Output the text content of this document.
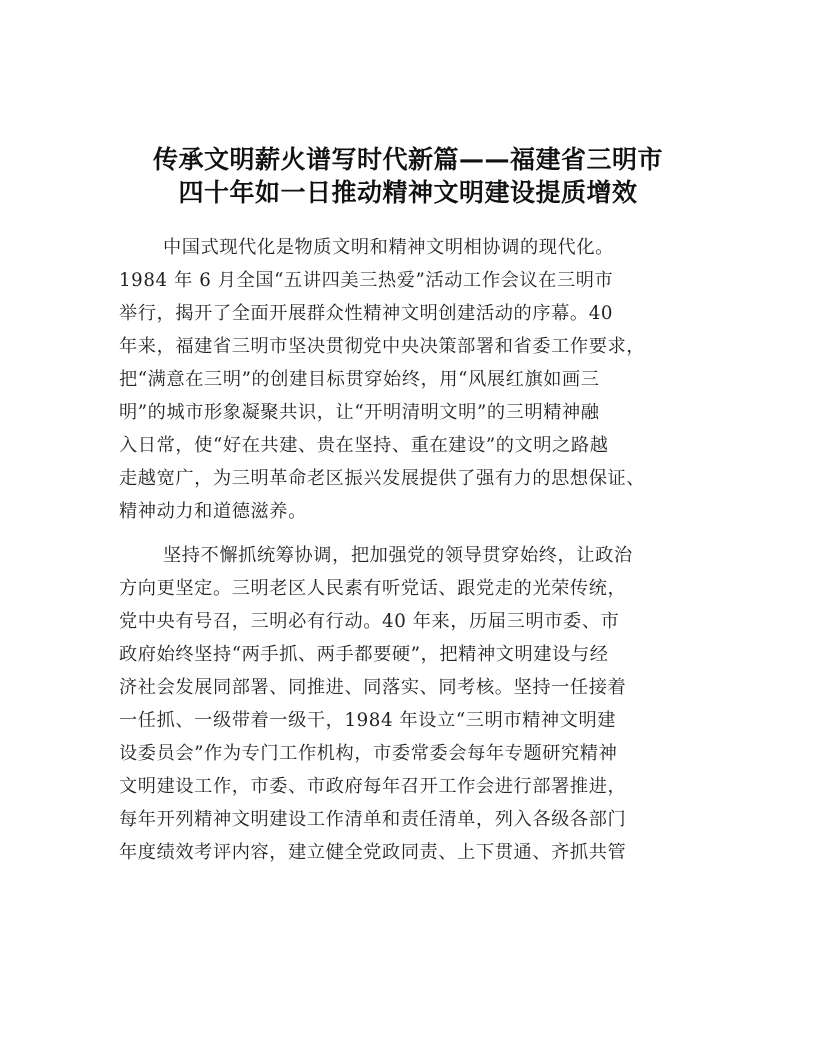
传承文明薪火谱写时代新篇——福建省三明市
四十年如一日推动精神文明建设提质增效

中国式现代化是物质文明和精神文明相协调的现代化。
1984 年 6 月全国“五讲四美三热爱”活动工作会议在三明市
举行，揭开了全面开展群众性精神文明创建活动的序幕。40
年来，福建省三明市坚决贯彻党中央决策部署和省委工作要求，
把“满意在三明”的创建目标贯穿始终，用“风展红旗如画三
明”的城市形象凝聚共识，让“开明清明文明”的三明精神融
入日常，使“好在共建、贵在坚持、重在建设”的文明之路越
走越宽广，为三明革命老区振兴发展提供了强有力的思想保证、
精神动力和道德滋养。

坚持不懈抓统筹协调，把加强党的领导贯穿始终，让政治
方向更坚定。三明老区人民素有听党话、跟党走的光荣传统，
党中央有号召，三明必有行动。40 年来，历届三明市委、市
政府始终坚持“两手抓、两手都要硬”，把精神文明建设与经
济社会发展同部署、同推进、同落实、同考核。坚持一任接着
一任抓、一级带着一级干，1984 年设立“三明市精神文明建
设委员会”作为专门工作机构，市委常委会每年专题研究精神
文明建设工作，市委、市政府每年召开工作会进行部署推进，
每年开列精神文明建设工作清单和责任清单，列入各级各部门
年度绩效考评内容，建立健全党政同责、上下贯通、齐抓共管
